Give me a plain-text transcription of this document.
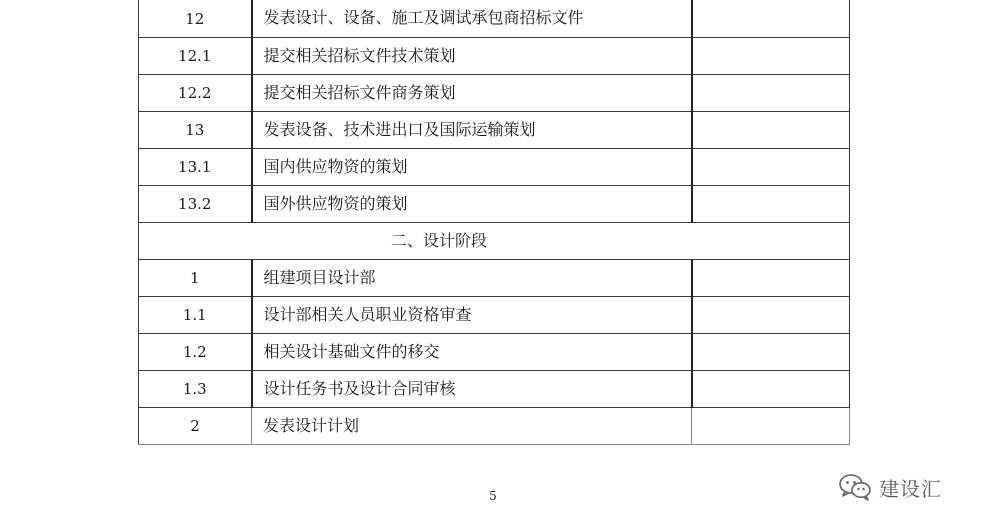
12	发表设计、设备、施工及调试承包商招标文件	
12.1	提交相关招标文件技术策划	
12.2	提交相关招标文件商务策划	
13	发表设备、技术进出口及国际运输策划	
13.1	国内供应物资的策划	
13.2	国外供应物资的策划	
二、设计阶段		
1	组建项目设计部	
1.1	设计部相关人员职业资格审查	
1.2	相关设计基础文件的移交	
1.3	设计任务书及设计合同审核	
2	发表设计计划	
5	建设汇
